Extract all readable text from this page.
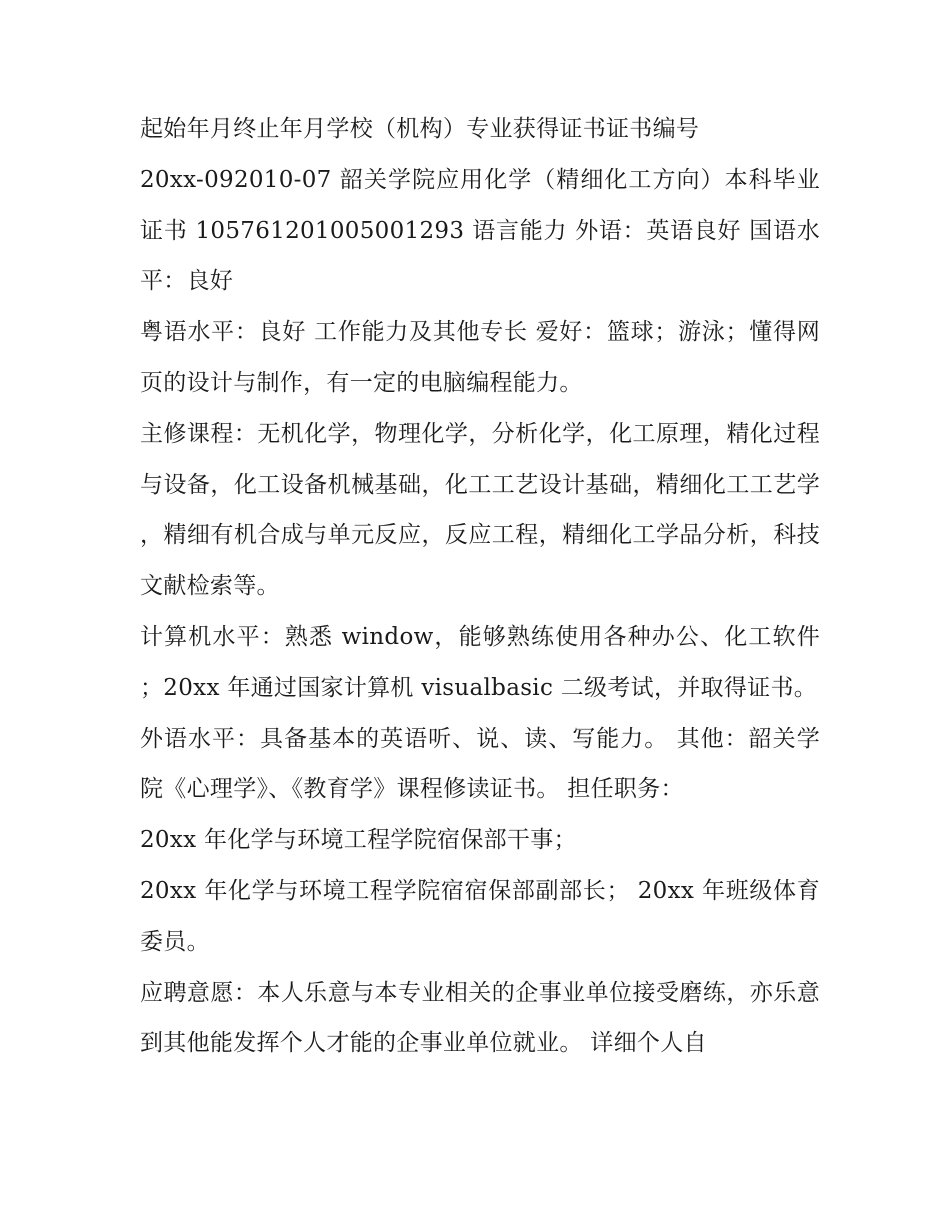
起始年月终止年月学校（机构）专业获得证书证书编号

20xx-092010-07 韶关学院应用化学（精细化工方向）本科毕业证书 105761201005001293 语言能力 外语：英语良好 国语水平：良好

粤语水平：良好 工作能力及其他专长 爱好：篮球；游泳；懂得网页的设计与制作，有一定的电脑编程能力。

主修课程：无机化学，物理化学，分析化学，化工原理，精化过程与设备，化工设备机械基础，化工工艺设计基础，精细化工工艺学，精细有机合成与单元反应，反应工程，精细化工学品分析，科技文献检索等。

计算机水平：熟悉 window，能够熟练使用各种办公、化工软件；20xx 年通过国家计算机 visualbasic 二级考试，并取得证书。

外语水平：具备基本的英语听、说、读、写能力。 其他：韶关学院《心理学》、《教育学》课程修读证书。 担任职务：

20xx 年化学与环境工程学院宿保部干事；

20xx 年化学与环境工程学院宿宿保部副部长； 20xx 年班级体育委员。

应聘意愿：本人乐意与本专业相关的企事业单位接受磨练，亦乐意到其他能发挥个人才能的企事业单位就业。 详细个人自
